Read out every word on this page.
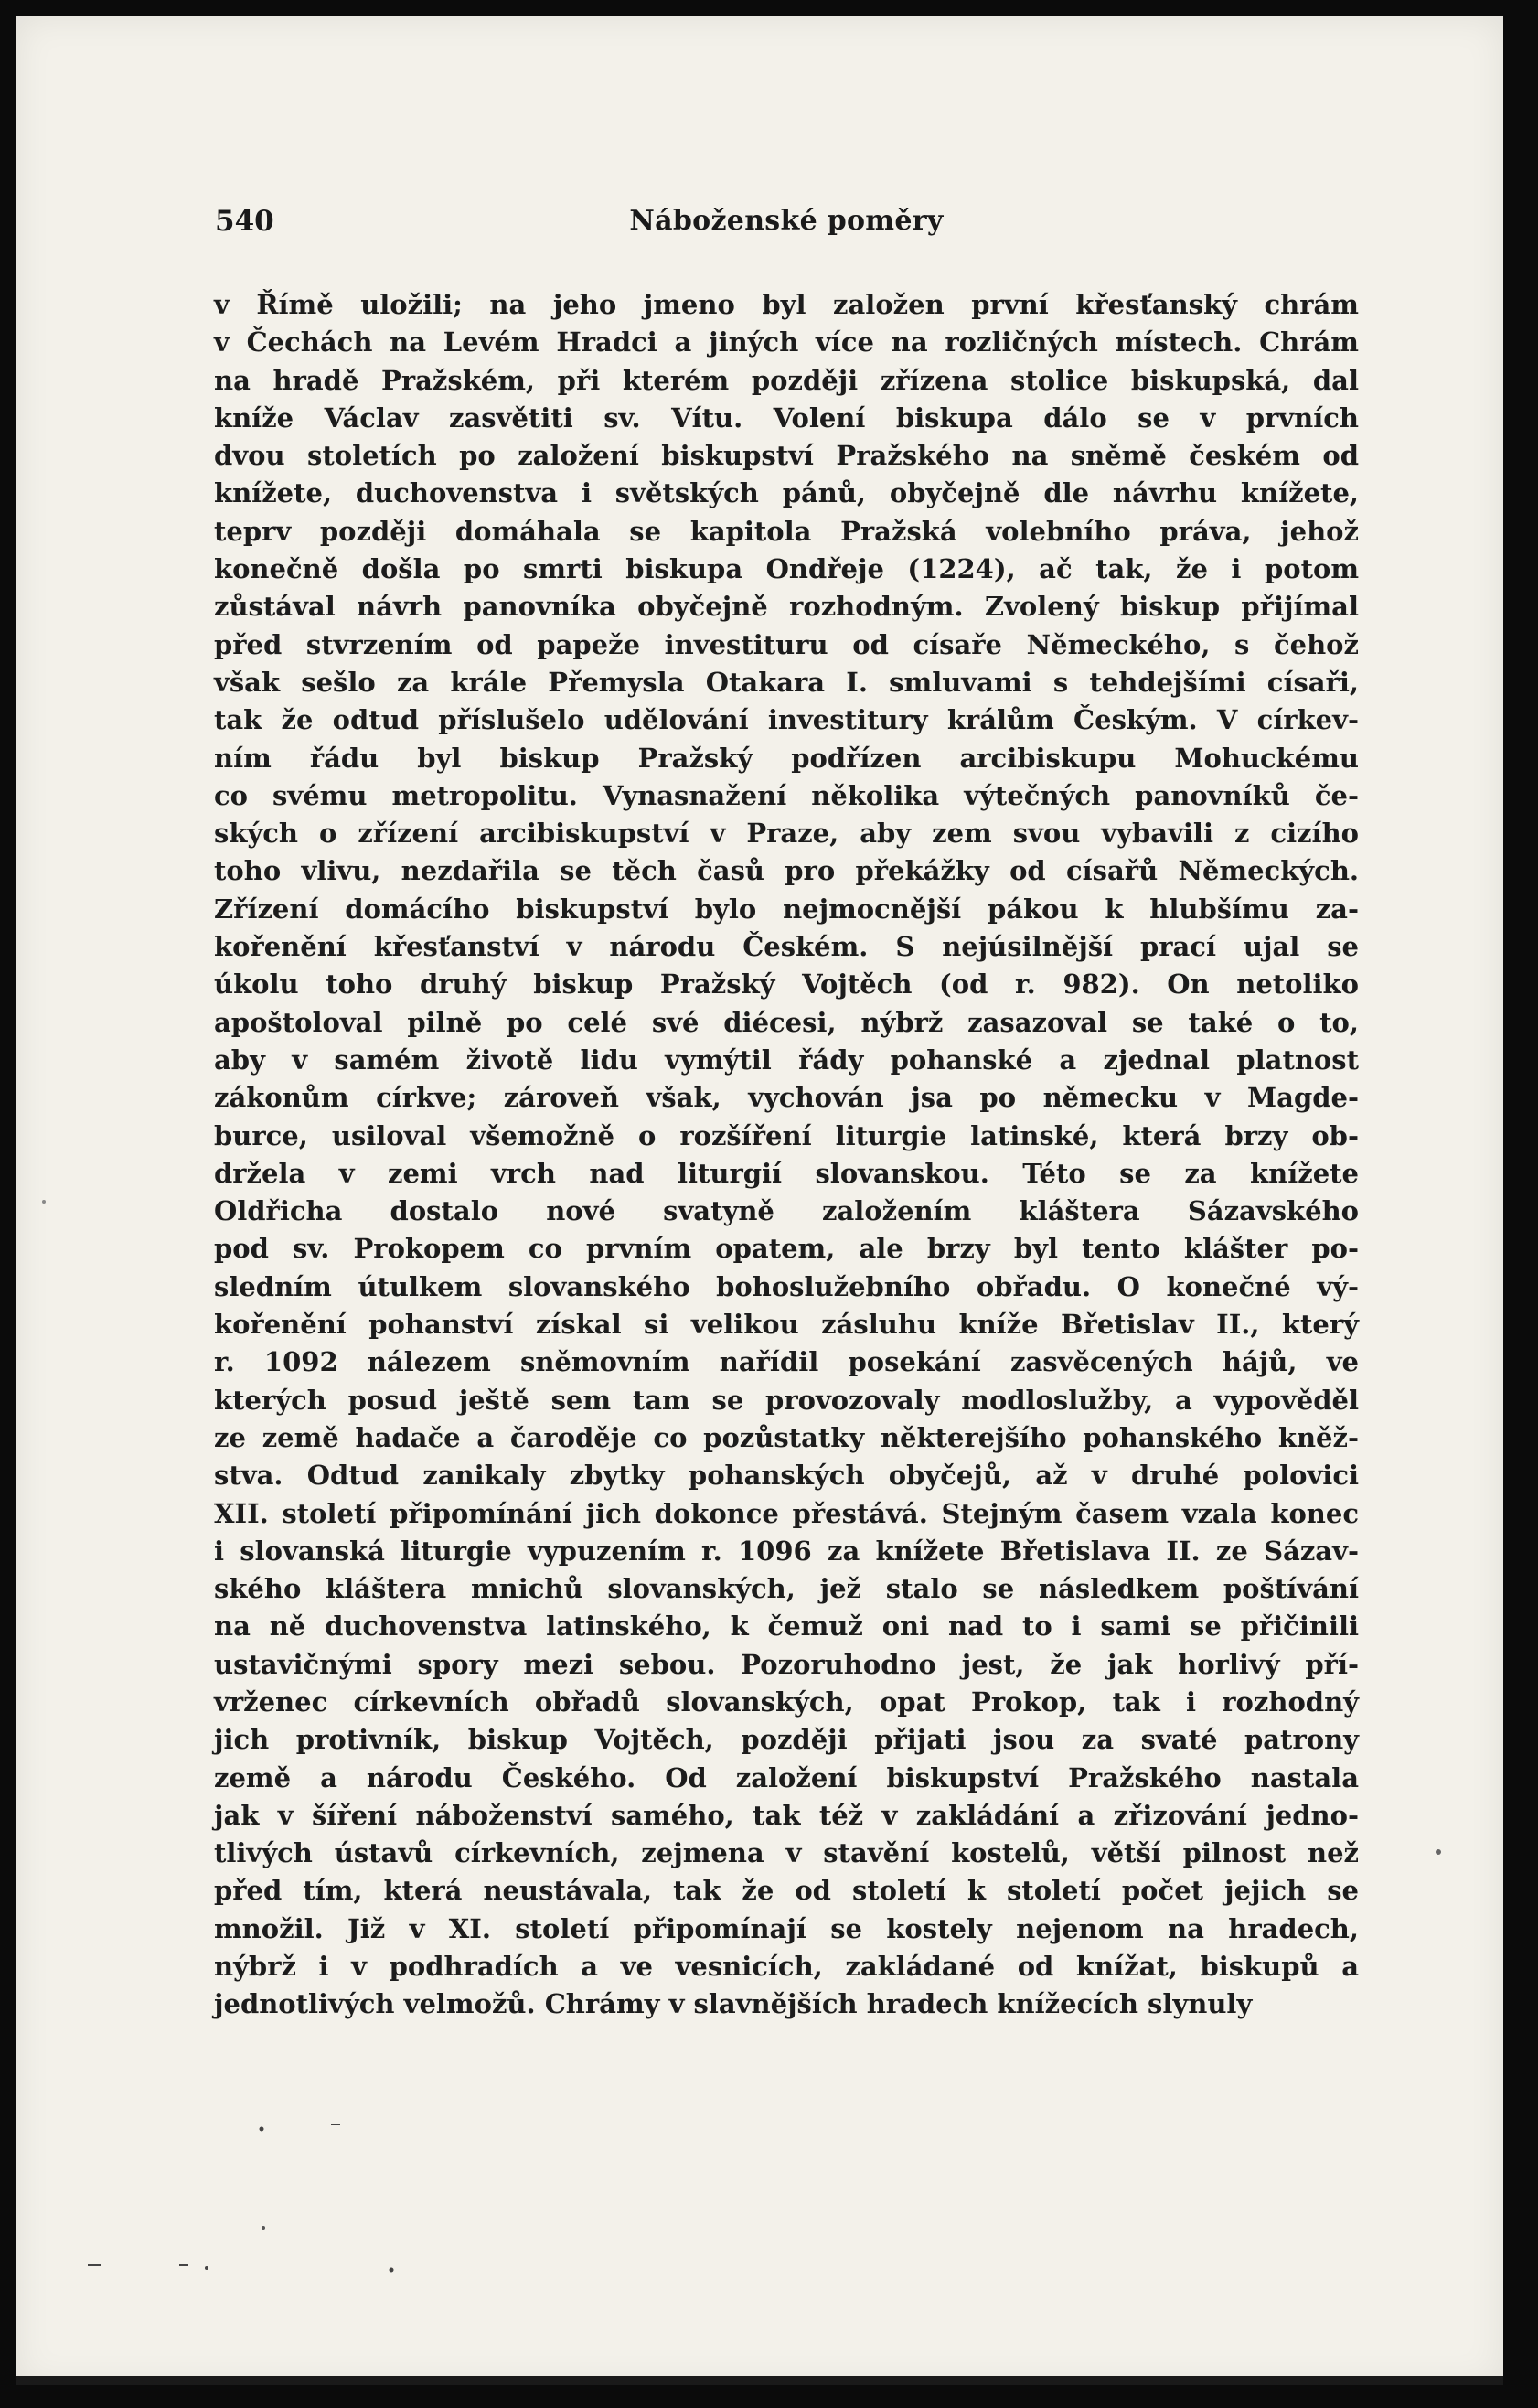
540	Náboženské poměry
v Římě uložili; na jeho jmeno byl založen první křesťanský chrám
v Čechách na Levém Hradci a jiných více na rozličných místech. Chrám
na hradě Pražském, při kterém později zřízena stolice biskupská, dal
kníže Václav zasvětiti sv. Vítu. Volení biskupa dálo se v prvních
dvou stoletích po založení biskupství Pražského na sněmě českém od
knížete, duchovenstva i světských pánů, obyčejně dle návrhu knížete,
teprv později domáhala se kapitola Pražská volebního práva, jehož
konečně došla po smrti biskupa Ondřeje (1224), ač tak, že i potom
zůstával návrh panovníka obyčejně rozhodným. Zvolený biskup přijímal
před stvrzením od papeže investituru od císaře Německého, s čehož
však sešlo za krále Přemysla Otakara I. smluvami s tehdejšími císaři,
tak že odtud příslušelo udělování investitury králům Českým. V církev-
ním řádu byl biskup Pražský podřízen arcibiskupu Mohuckému
co svému metropolitu. Vynasnažení několika výtečných panovníků če-
ských o zřízení arcibiskupství v Praze, aby zem svou vybavili z cizího
toho vlivu, nezdařila se těch časů pro překážky od císařů Německých.
Zřízení domácího biskupství bylo nejmocnější pákou k hlubšímu za-
kořenění křesťanství v národu Českém. S nejúsilnější prací ujal se
úkolu toho druhý biskup Pražský Vojtěch (od r. 982). On netoliko
apoštoloval pilně po celé své diécesi, nýbrž zasazoval se také o to,
aby v samém životě lidu vymýtil řády pohanské a zjednal platnost
zákonům církve; zároveň však, vychován jsa po německu v Magde-
burce, usiloval všemožně o rozšíření liturgie latinské, která brzy ob-
držela v zemi vrch nad liturgií slovanskou. Této se za knížete
Oldřicha dostalo nové svatyně založením kláštera Sázavského
pod sv. Prokopem co prvním opatem, ale brzy byl tento klášter po-
sledním útulkem slovanského bohoslužebního obřadu. O konečné vý-
kořenění pohanství získal si velikou zásluhu kníže Břetislav II., který
r. 1092 nálezem sněmovním nařídil posekání zasvěcených hájů, ve
kterých posud ještě sem tam se provozovaly modloslužby, a vypověděl
ze země hadače a čaroděje co pozůstatky některejšího pohanského kněž-
stva. Odtud zanikaly zbytky pohanských obyčejů, až v druhé polovici
XII. století připomínání jich dokonce přestává. Stejným časem vzala konec
i slovanská liturgie vypuzením r. 1096 za knížete Břetislava II. ze Sázav-
ského kláštera mnichů slovanských, jež stalo se následkem poštívání
na ně duchovenstva latinského, k čemuž oni nad to i sami se přičinili
ustavičnými spory mezi sebou. Pozoruhodno jest, že jak horlivý pří-
vrženec církevních obřadů slovanských, opat Prokop, tak i rozhodný
jich protivník, biskup Vojtěch, později přijati jsou za svaté patrony
země a národu Českého. Od založení biskupství Pražského nastala
jak v šíření náboženství samého, tak též v zakládání a zřizování jedno-
tlivých ústavů církevních, zejmena v stavění kostelů, větší pilnost než
před tím, která neustávala, tak že od století k století počet jejich se
množil. Již v XI. století připomínají se kostely nejenom na hradech,
nýbrž i v podhradích a ve vesnicích, zakládané od knížat, biskupů a
jednotlivých velmožů. Chrámy v slavnějších hradech knížecích slynuly
